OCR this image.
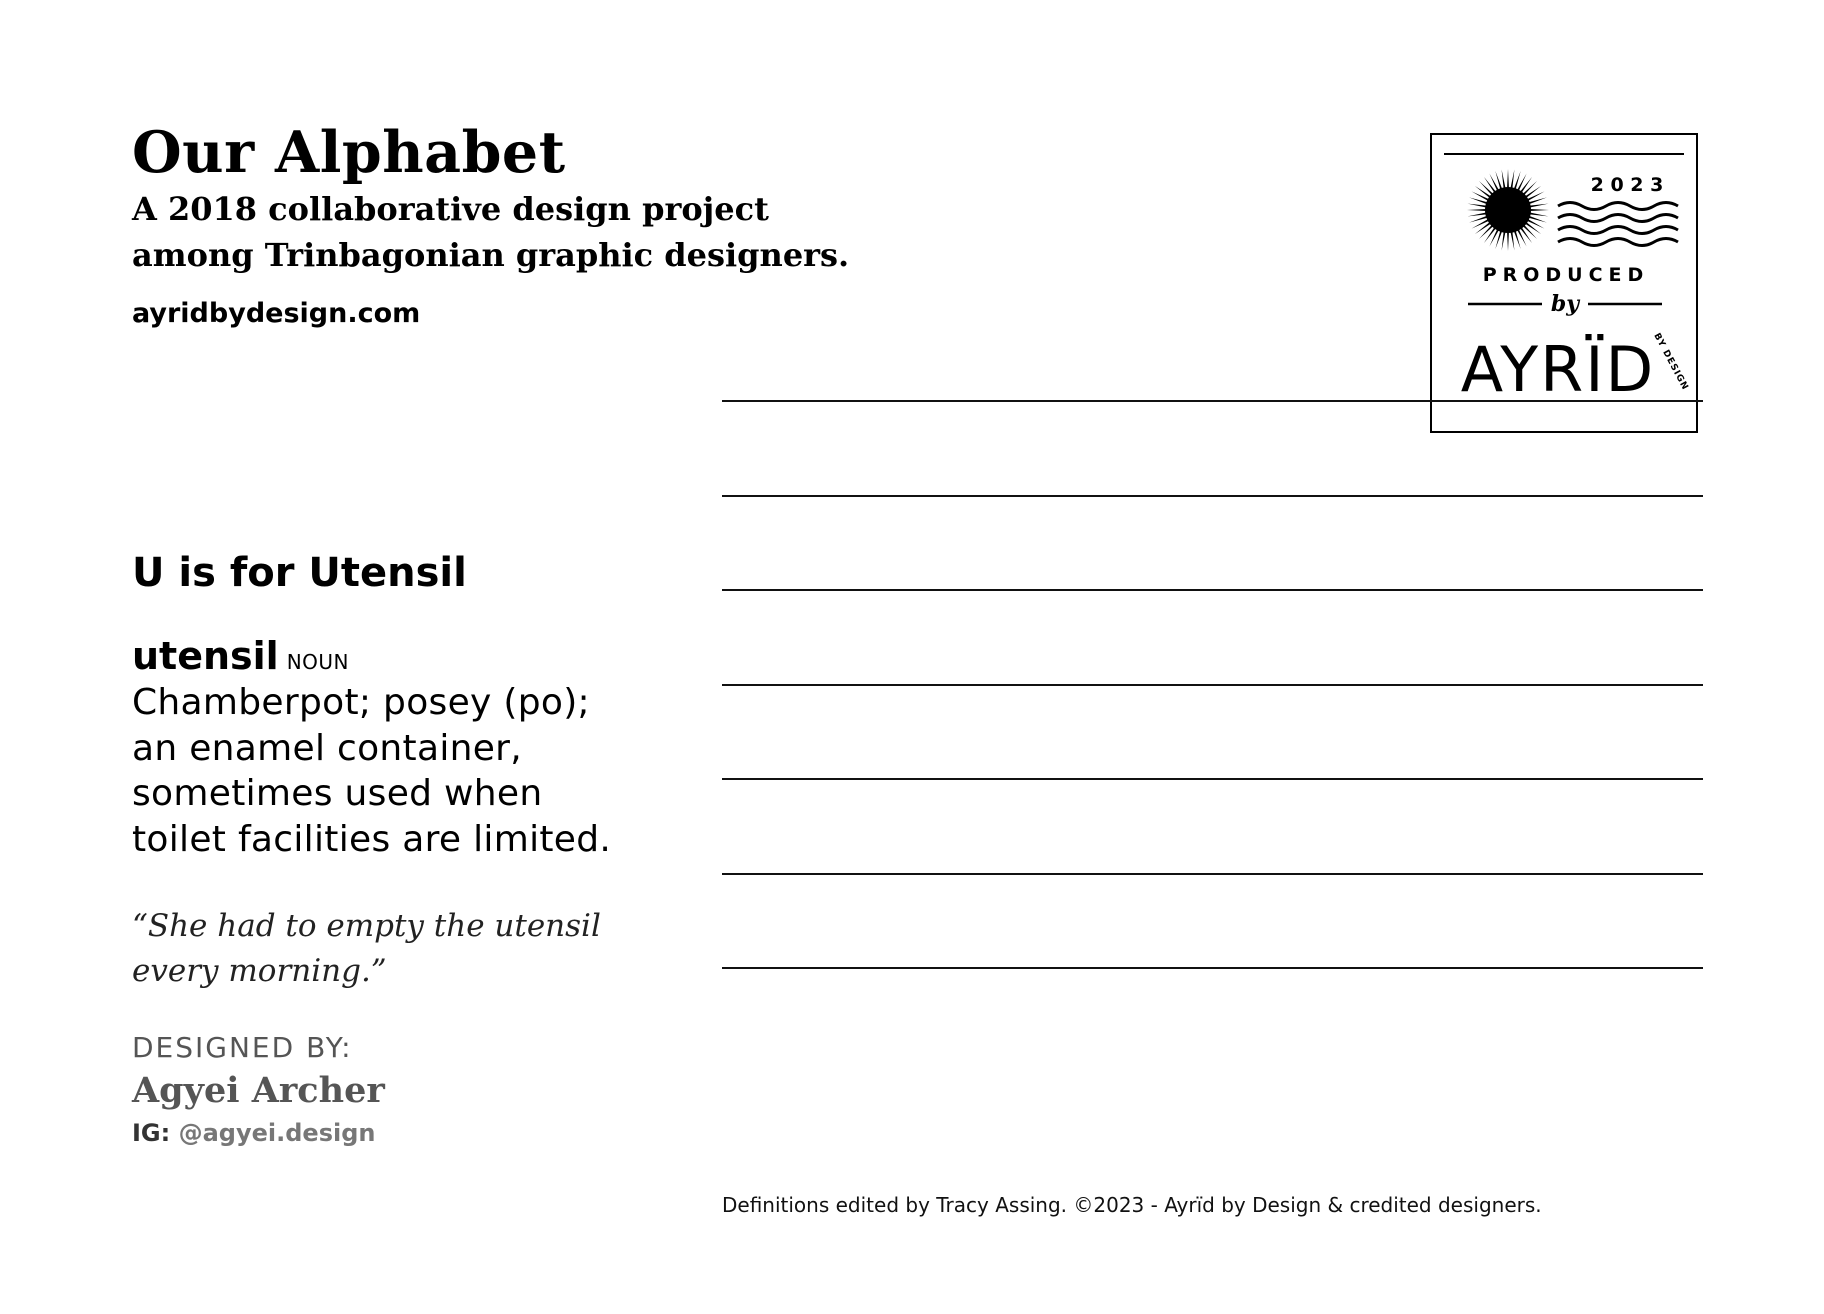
Our Alphabet
A 2018 collaborative design project
among Trinbagonian graphic designers.
ayridbydesign.com
2 0 2 3
PRODUCED
by
AYRÏD
BY DESIGN
U is for Utensil
utensil NOUN
Chamberpot; posey (po);
an enamel container,
sometimes used when
toilet facilities are limited.
“She had to empty the utensil
every morning.”
DESIGNED BY:
Agyei Archer
IG: @agyei.design
Definitions edited by Tracy Assing. ©2023 - Ayrïd by Design & credited designers.
